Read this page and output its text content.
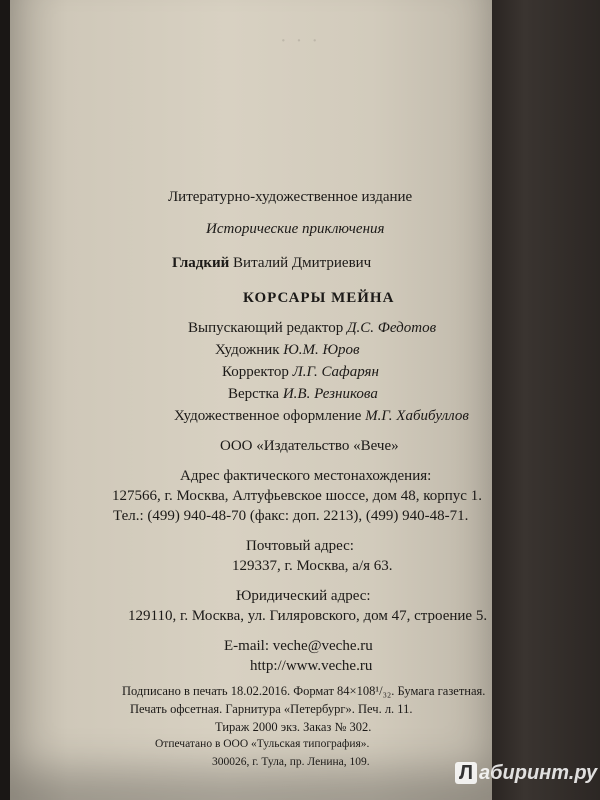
· · ·
Литературно-художественное издание
Исторические приключения
Гладкий Виталий Дмитриевич
КОРСАРЫ МЕЙНА
Выпускающий редактор Д.С. Федотов
Художник Ю.М. Юров
Корректор Л.Г. Сафарян
Верстка И.В. Резникова
Художественное оформление М.Г. Хабибуллов
ООО «Издательство «Вече»
Адрес фактического местонахождения:
127566, г. Москва, Алтуфьевское шоссе, дом 48, корпус 1.
Тел.: (499) 940-48-70 (факс: доп. 2213), (499) 940-48-71.
Почтовый адрес:
129337, г. Москва, а/я 63.
Юридический адрес:
129110, г. Москва, ул. Гиляровского, дом 47, строение 5.
E-mail: veche@veche.ru
http://www.veche.ru
Подписано в печать 18.02.2016. Формат 84×108¹/₃₂. Бумага газетная.
Печать офсетная. Гарнитура «Петербург». Печ. л. 11.
Тираж 2000 экз. Заказ № 302.
Отпечатано в ООО «Тульская типография».
300026, г. Тула, пр. Ленина, 109.	Л абиринт.ру
